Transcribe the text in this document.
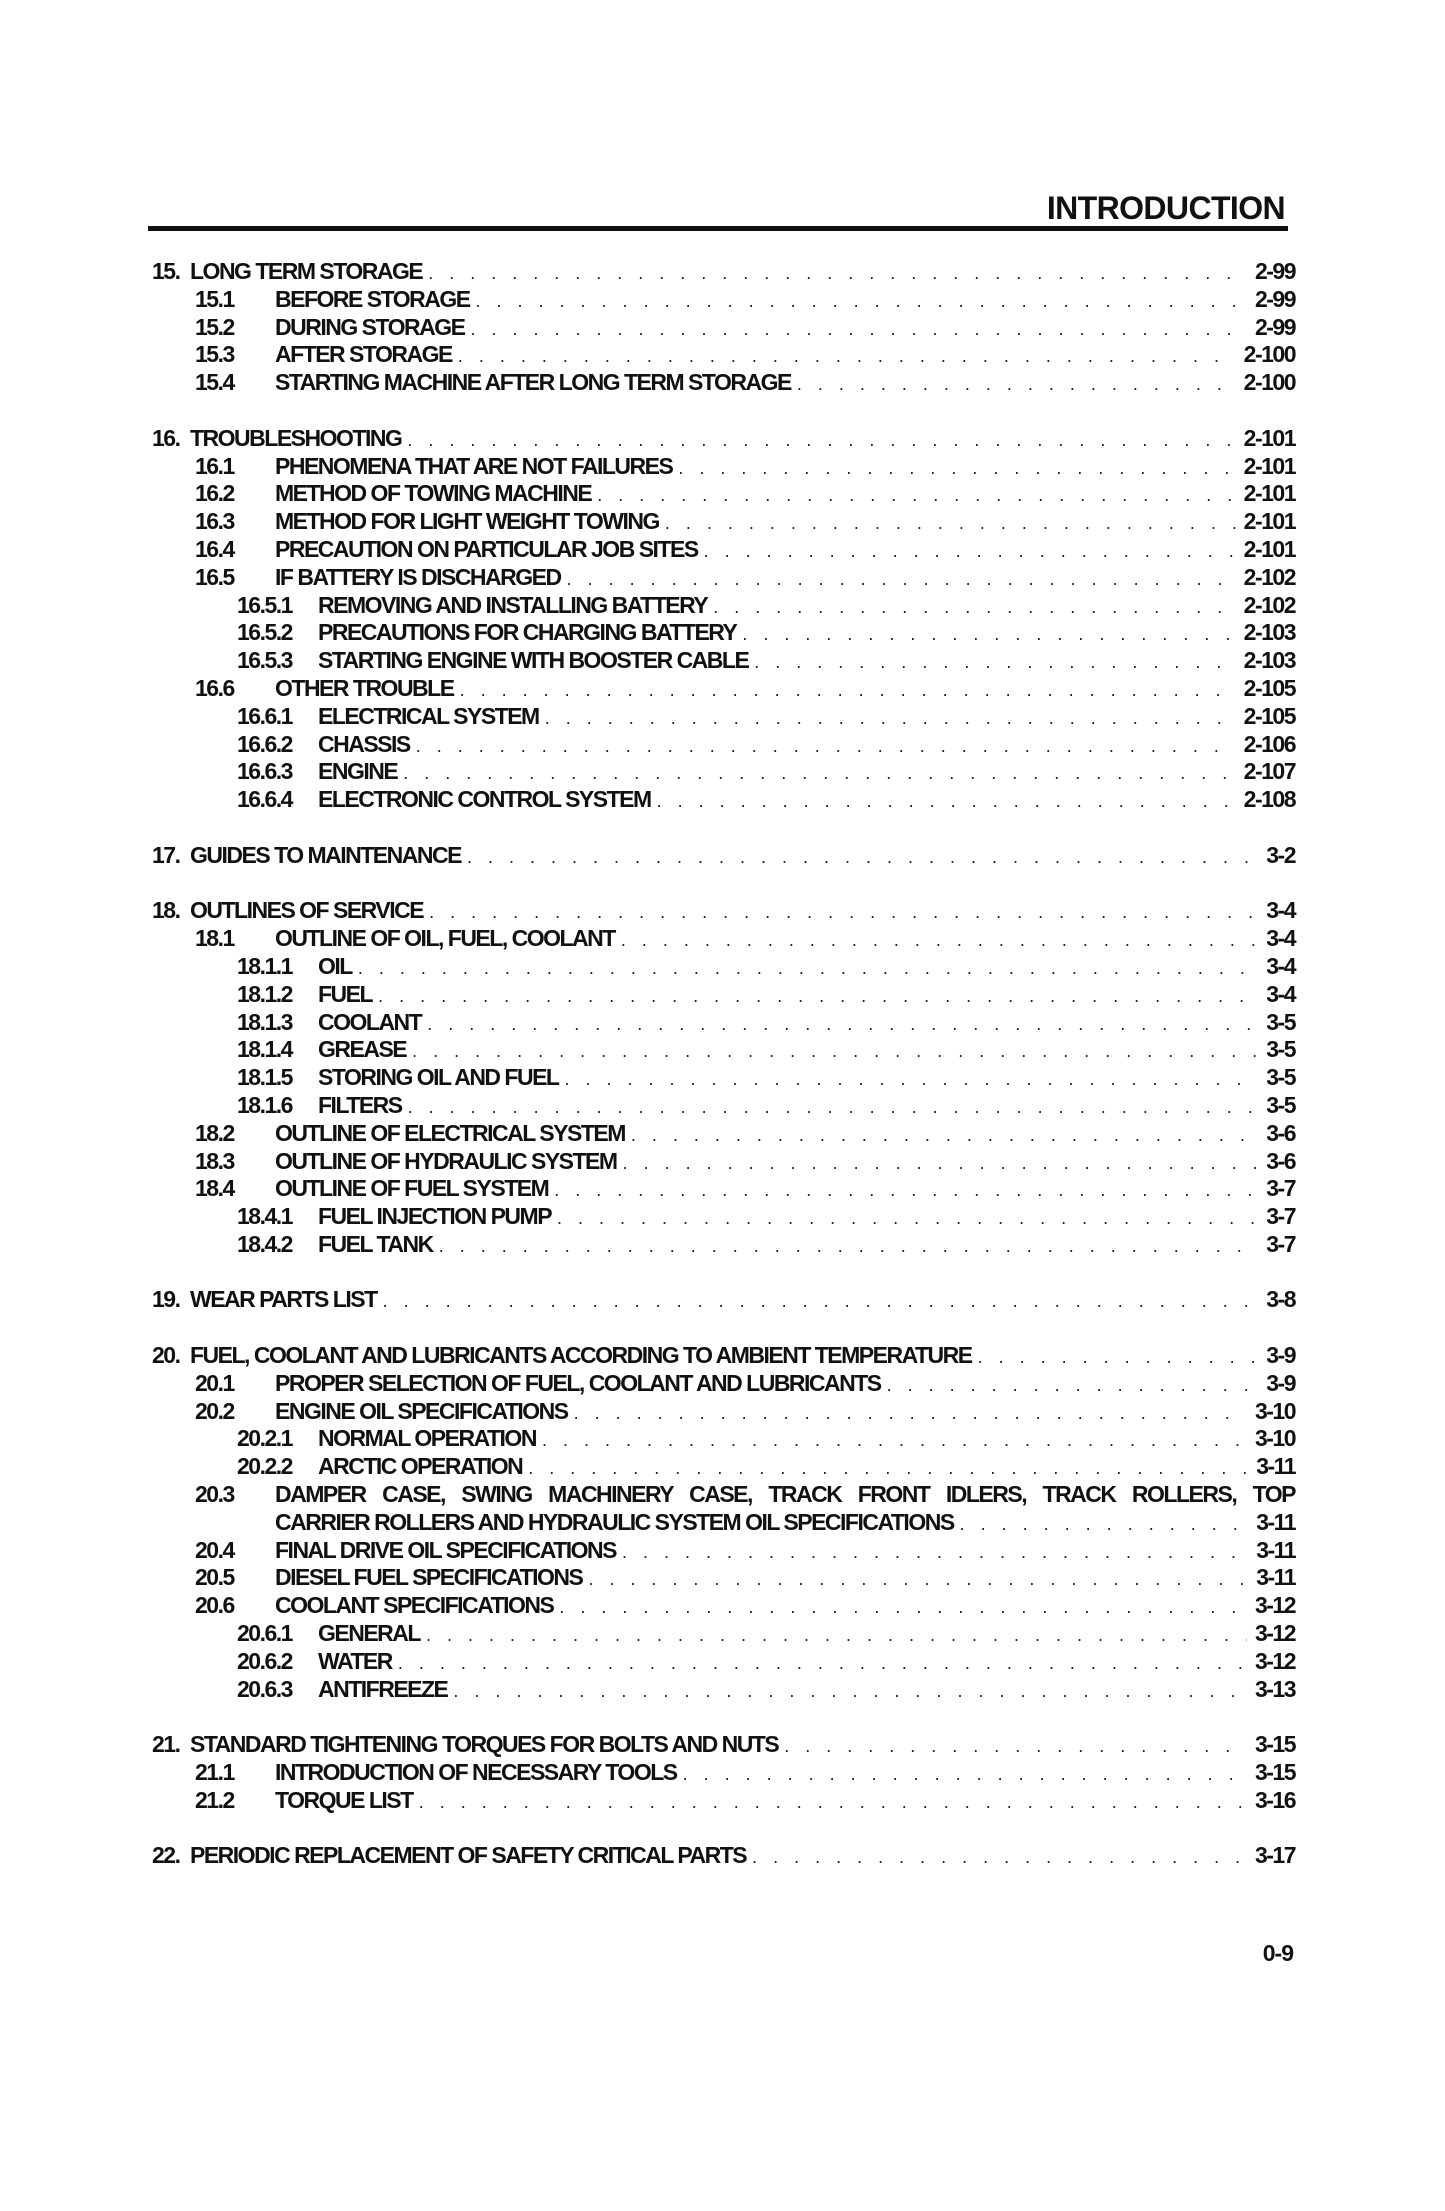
INTRODUCTION
15. LONG TERM STORAGE . . .	2-99
15.1 BEFORE STORAGE . . .	2-99
15.2 DURING STORAGE . . .	2-99
15.3 AFTER STORAGE . . .	2-100
15.4 STARTING MACHINE AFTER LONG TERM STORAGE . . .	2-100
16. TROUBLESHOOTING . . .	2-101
16.1 PHENOMENA THAT ARE NOT FAILURES . . .	2-101
16.2 METHOD OF TOWING MACHINE . . .	2-101
16.3 METHOD FOR LIGHT WEIGHT TOWING . . .	2-101
16.4 PRECAUTION ON PARTICULAR JOB SITES . . .	2-101
16.5 IF BATTERY IS DISCHARGED . . .	2-102
16.5.1 REMOVING AND INSTALLING BATTERY . . .	2-102
16.5.2 PRECAUTIONS FOR CHARGING BATTERY . . .	2-103
16.5.3 STARTING ENGINE WITH BOOSTER CABLE . . .	2-103
16.6 OTHER TROUBLE . . .	2-105
16.6.1 ELECTRICAL SYSTEM . . .	2-105
16.6.2 CHASSIS . . .	2-106
16.6.3 ENGINE . . .	2-107
16.6.4 ELECTRONIC CONTROL SYSTEM . . .	2-108
17. GUIDES TO MAINTENANCE . . .	3-2
18. OUTLINES OF SERVICE . . .	3-4
18.1 OUTLINE OF OIL, FUEL, COOLANT . . .	3-4
18.1.1 OIL . . .	3-4
18.1.2 FUEL . . .	3-4
18.1.3 COOLANT . . .	3-5
18.1.4 GREASE . . .	3-5
18.1.5 STORING OIL AND FUEL . . .	3-5
18.1.6 FILTERS . . .	3-5
18.2 OUTLINE OF ELECTRICAL SYSTEM . . .	3-6
18.3 OUTLINE OF HYDRAULIC SYSTEM . . .	3-6
18.4 OUTLINE OF FUEL SYSTEM . . .	3-7
18.4.1 FUEL INJECTION PUMP . . .	3-7
18.4.2 FUEL TANK . . .	3-7
19. WEAR PARTS LIST . . .	3-8
20. FUEL, COOLANT AND LUBRICANTS ACCORDING TO AMBIENT TEMPERATURE . . .	3-9
20.1 PROPER SELECTION OF FUEL, COOLANT AND LUBRICANTS . . .	3-9
20.2 ENGINE OIL SPECIFICATIONS . . .	3-10
20.2.1 NORMAL OPERATION . . .	3-10
20.2.2 ARCTIC OPERATION . . .	3-11
20.3 DAMPER CASE, SWING MACHINERY CASE, TRACK FRONT IDLERS, TRACK ROLLERS, TOP
CARRIER ROLLERS AND HYDRAULIC SYSTEM OIL SPECIFICATIONS . . .	3-11
20.4 FINAL DRIVE OIL SPECIFICATIONS . . .	3-11
20.5 DIESEL FUEL SPECIFICATIONS . . .	3-11
20.6 COOLANT SPECIFICATIONS . . .	3-12
20.6.1 GENERAL . . .	3-12
20.6.2 WATER . . .	3-12
20.6.3 ANTIFREEZE . . .	3-13
21. STANDARD TIGHTENING TORQUES FOR BOLTS AND NUTS . . .	3-15
21.1 INTRODUCTION OF NECESSARY TOOLS . . .	3-15
21.2 TORQUE LIST . . .	3-16
22. PERIODIC REPLACEMENT OF SAFETY CRITICAL PARTS . . .	3-17
0-9
